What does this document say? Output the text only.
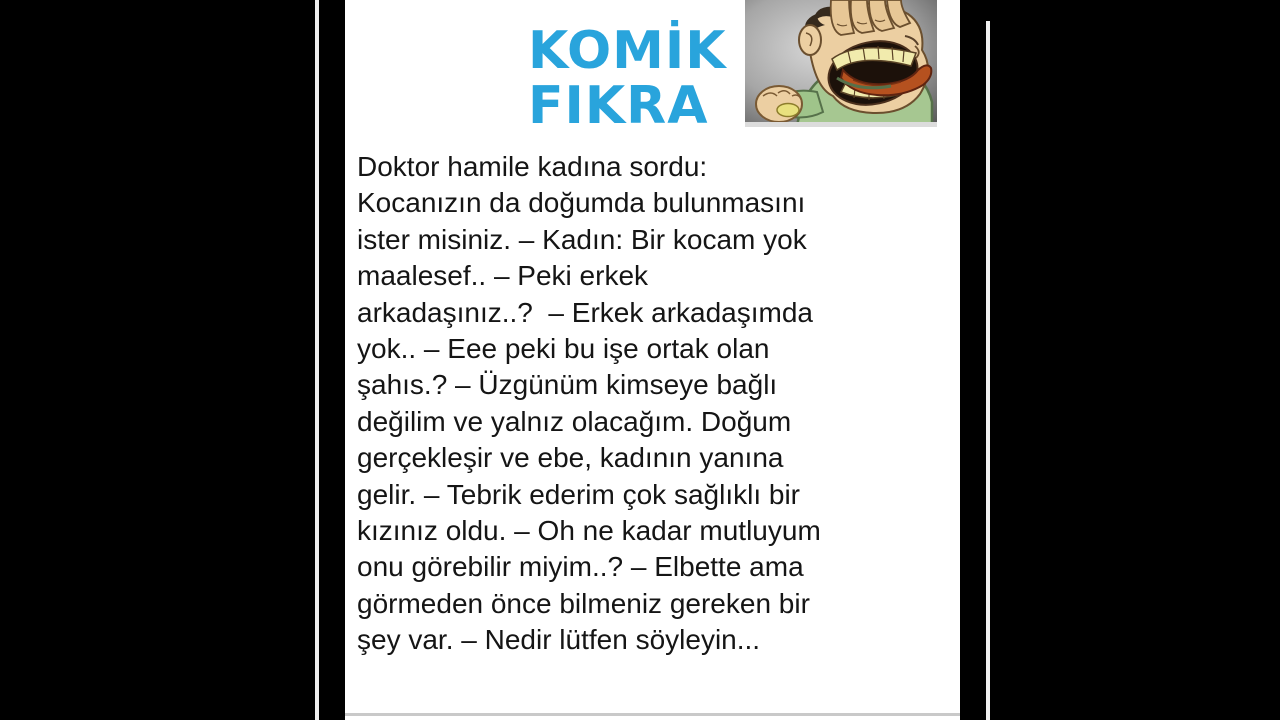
KOMİK
FIKRA
Doktor hamile kadına sordu:
Kocanızın da doğumda bulunmasını
ister misiniz. – Kadın: Bir kocam yok
maalesef.. – Peki erkek
arkadaşınız..?  – Erkek arkadaşımda
yok.. – Eee peki bu işe ortak olan
şahıs.? – Üzgünüm kimseye bağlı
değilim ve yalnız olacağım. Doğum
gerçekleşir ve ebe, kadının yanına
gelir. – Tebrik ederim çok sağlıklı bir
kızınız oldu. – Oh ne kadar mutluyum
onu görebilir miyim..? – Elbette ama
görmeden önce bilmeniz gereken bir
şey var. – Nedir lütfen söyleyin...
